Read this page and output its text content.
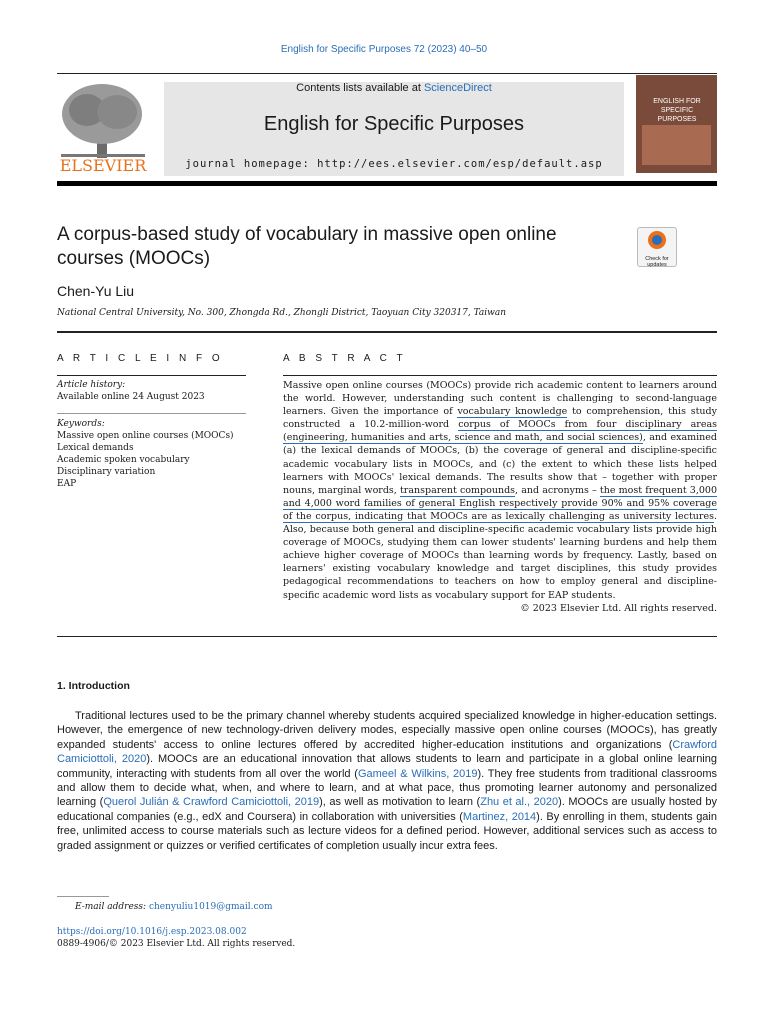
English for Specific Purposes 72 (2023) 40–50
ELSEVIER
Contents lists available at ScienceDirect
English for Specific Purposes
journal homepage: http://ees.elsevier.com/esp/default.asp
ENGLISH FOR SPECIFIC PURPOSES
A corpus-based study of vocabulary in massive open online courses (MOOCs)	Check for updates
Chen-Yu Liu
National Central University, No. 300, Zhongda Rd., Zhongli District, Taoyuan City 320317, Taiwan
A R T I C L E I N F O
Article history:
Available online 24 August 2023
Keywords:
Massive open online courses (MOOCs)
Lexical demands
Academic spoken vocabulary
Disciplinary variation
EAP
A B S T R A C T
Massive open online courses (MOOCs) provide rich academic content to learners around the world. However, understanding such content is challenging to second-language learners. Given the importance of vocabulary knowledge to comprehension, this study constructed a 10.2-million-word corpus of MOOCs from four disciplinary areas (engineering, humanities and arts, science and math, and social sciences), and examined (a) the lexical demands of MOOCs, (b) the coverage of general and discipline-specific academic vocabulary lists in MOOCs, and (c) the extent to which these lists helped learners with MOOCs' lexical demands. The results show that – together with proper nouns, marginal words, transparent compounds, and acronyms – the most frequent 3,000 and 4,000 word families of general English respectively provide 90% and 95% coverage of the corpus, indicating that MOOCs are as lexically challenging as university lectures. Also, because both general and discipline-specific academic vocabulary lists provide high coverage of MOOCs, studying them can lower students' learning burdens and help them achieve higher coverage of MOOCs than learning words by frequency. Lastly, based on learners' existing vocabulary knowledge and target disciplines, this study provides pedagogical recommendations to teachers on how to employ general and discipline-specific academic word lists as vocabulary support for EAP students.
© 2023 Elsevier Ltd. All rights reserved.
1. Introduction
Traditional lectures used to be the primary channel whereby students acquired specialized knowledge in higher-education settings. However, the emergence of new technology-driven delivery modes, especially massive open online courses (MOOCs), has greatly expanded students' access to online lectures offered by accredited higher-education institutions and organizations (Crawford Camiciottoli, 2020). MOOCs are an educational innovation that allows students to learn and participate in a global online learning community, interacting with students from all over the world (Gameel & Wilkins, 2019). They free students from traditional classrooms and allow them to decide what, when, and where to learn, and at what pace, thus promoting learner autonomy and personalized learning (Querol Julián & Crawford Camiciottoli, 2019), as well as motivation to learn (Zhu et al., 2020). MOOCs are usually hosted by educational companies (e.g., edX and Coursera) in collaboration with universities (Martinez, 2014). By enrolling in them, students gain free, unlimited access to course materials such as lecture videos for a defined period. However, additional services such as access to graded assignment or quizzes or verified certificates of completion usually incur extra fees.
E-mail address: chenyuliu1019@gmail.com
https://doi.org/10.1016/j.esp.2023.08.002
0889-4906/© 2023 Elsevier Ltd. All rights reserved.
